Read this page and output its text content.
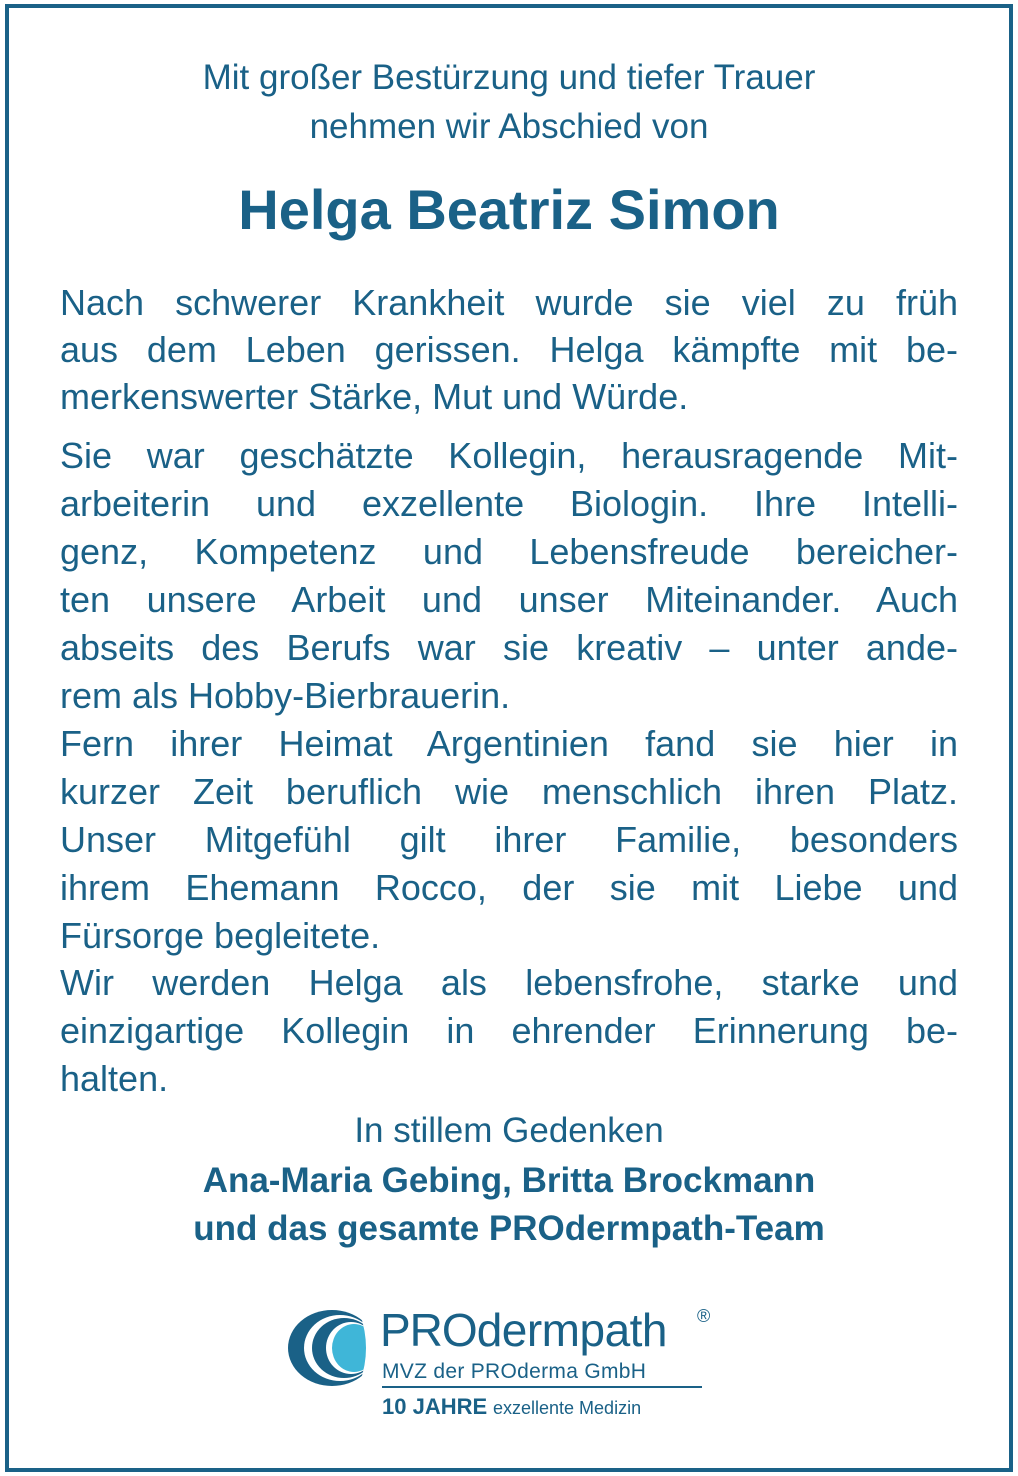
Mit großer Bestürzung und tiefer Trauer
nehmen wir Abschied von
Helga Beatriz Simon
Nach schwerer Krankheit wurde sie viel zu früh
aus dem Leben gerissen. Helga kämpfte mit be-
merkenswerter Stärke, Mut und Würde.
Sie war geschätzte Kollegin, herausragende Mit-
arbeiterin und exzellente Biologin. Ihre Intelli-
genz, Kompetenz und Lebensfreude bereicher-
ten unsere Arbeit und unser Miteinander. Auch
abseits des Berufs war sie kreativ – unter ande-
rem als Hobby-Bierbrauerin.
Fern ihrer Heimat Argentinien fand sie hier in
kurzer Zeit beruflich wie menschlich ihren Platz.
Unser Mitgefühl gilt ihrer Familie, besonders
ihrem Ehemann Rocco, der sie mit Liebe und
Fürsorge begleitete.
Wir werden Helga als lebensfrohe, starke und
einzigartige Kollegin in ehrender Erinnerung be-
halten.
In stillem Gedenken
Ana-Maria Gebing, Britta Brockmann
und das gesamte PROdermpath-Team
PROdermpath ®
MVZ der PROderma GmbH
10 JAHRE exzellente Medizin
